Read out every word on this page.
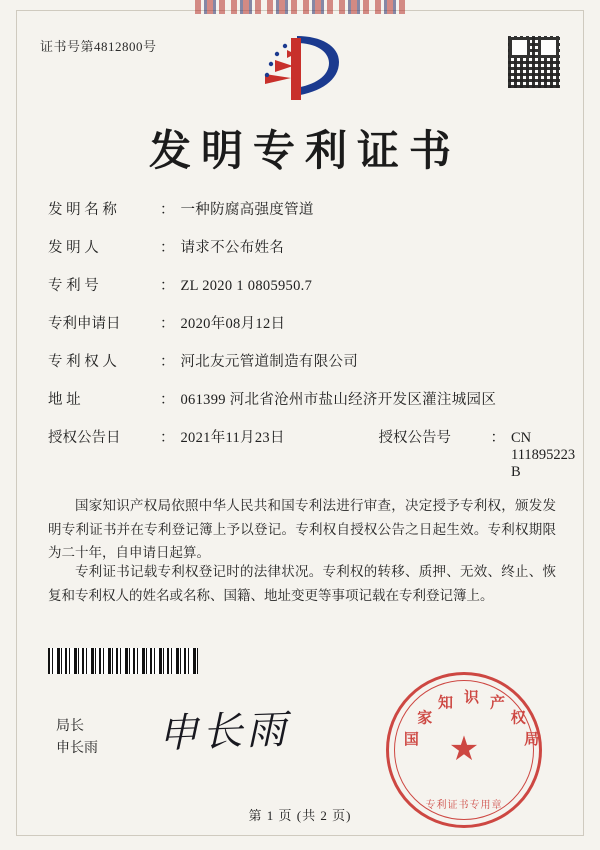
证书号第4812800号
发明专利证书
发 明 名 称	： 一种防腐高强度管道
发 明 人	： 请求不公布姓名
专 利 号	： ZL 2020 1 0805950.7
专利申请日	： 2020年08月12日
专 利 权 人	： 河北友元管道制造有限公司
地 址	： 061399 河北省沧州市盐山经济开发区灌注城园区
授权公告日	： 2021年11月23日	授权公告号	： CN 111895223 B
国家知识产权局依照中华人民共和国专利法进行审查，决定授予专利权，颁发发明专利证书并在专利登记簿上予以登记。专利权自授权公告之日起生效。专利权期限为二十年，自申请日起算。
专利证书记载专利权登记时的法律状况。专利权的转移、质押、无效、终止、恢复和专利权人的姓名或名称、国籍、地址变更等事项记载在专利登记簿上。
局长
申长雨 申长雨	国
家
知 识 产
权
局
★
专利证书专用章
第 1 页 (共 2 页)
